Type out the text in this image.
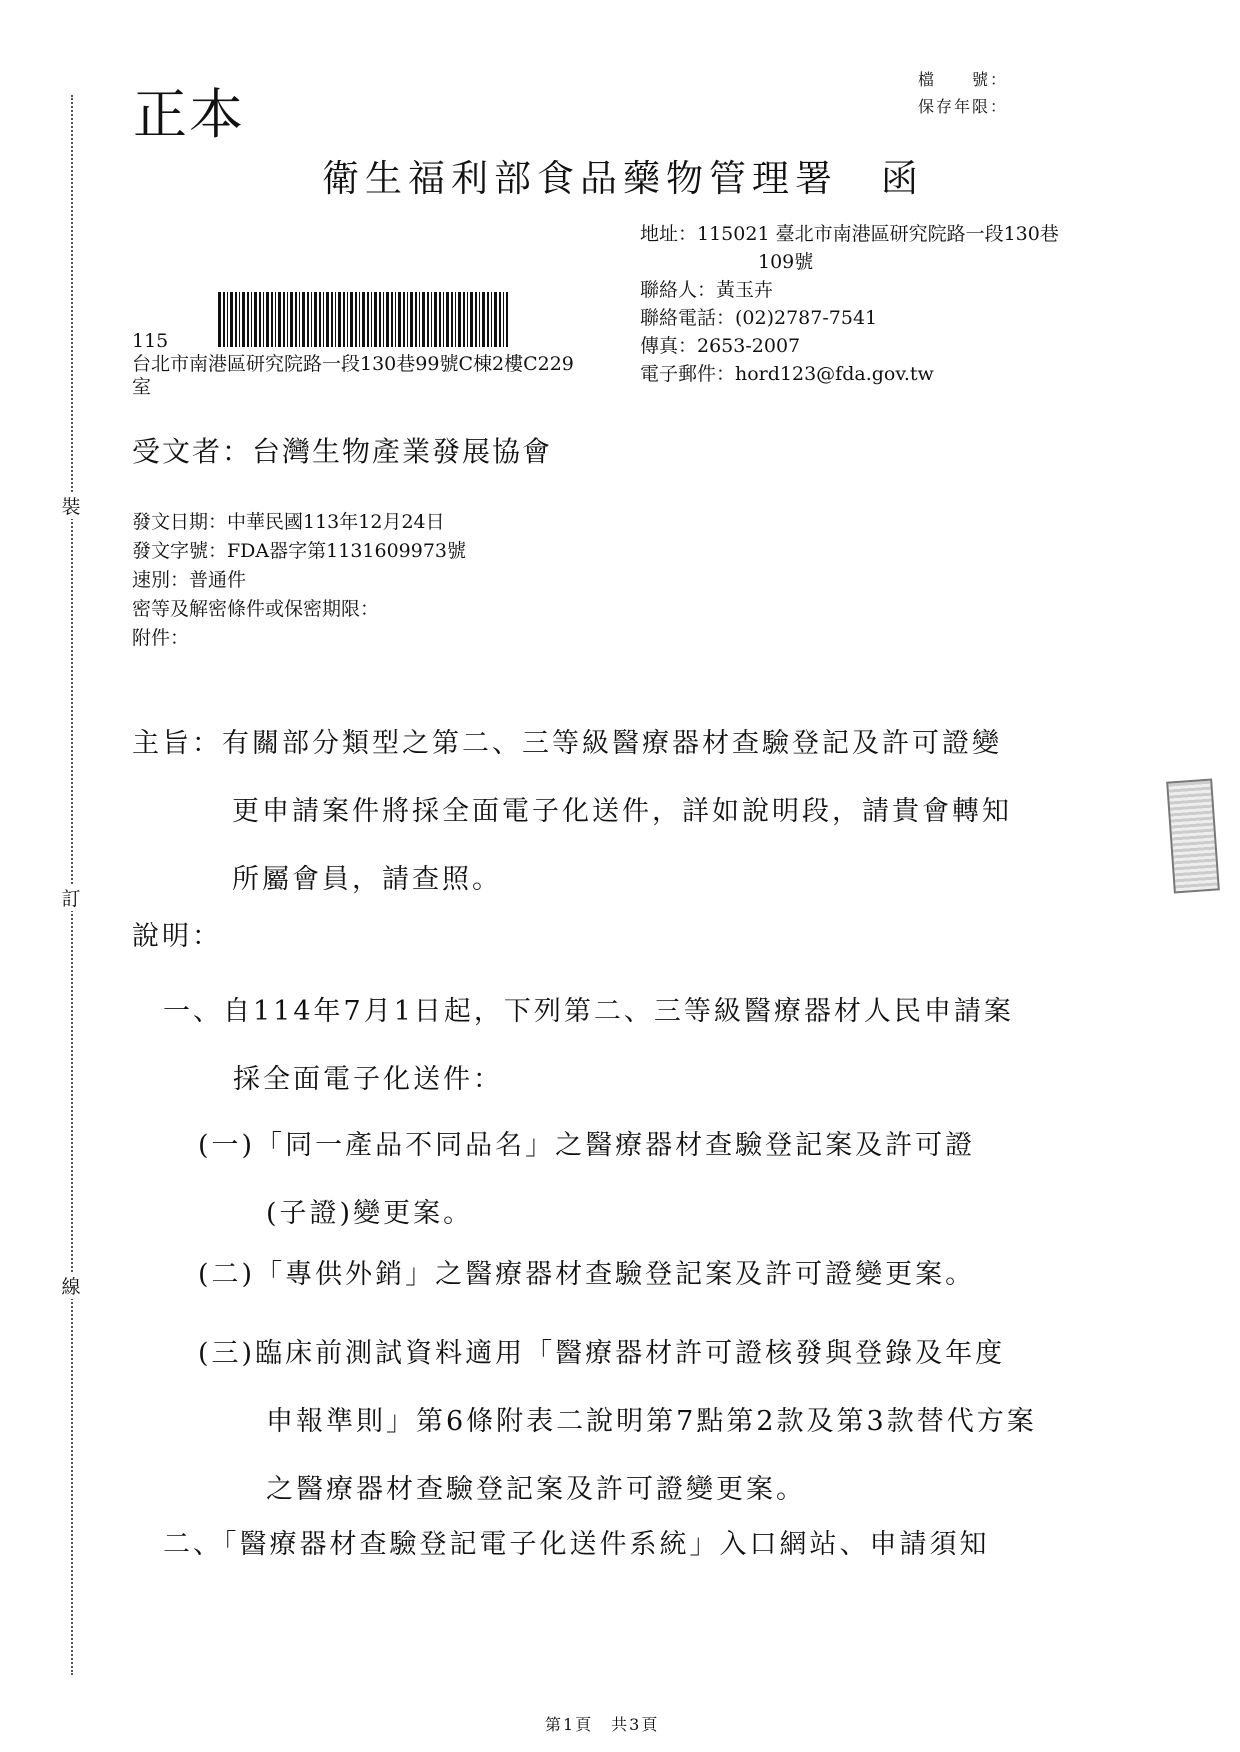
裝
訂
線
正本
檔　　號：
保存年限：
衛生福利部食品藥物管理署　函
地址：115021 臺北市南港區研究院路一段130巷
109號
聯絡人：黃玉卉
聯絡電話：(02)2787-7541
傳真：2653-2007
電子郵件：hord123@fda.gov.tw
115
台北市南港區研究院路一段130巷99號C棟2樓C229
室
受文者：台灣生物產業發展協會
發文日期：中華民國113年12月24日
發文字號：FDA器字第1131609973號
速別：普通件
密等及解密條件或保密期限：
附件：
主旨：有關部分類型之第二、三等級醫療器材查驗登記及許可證變
更申請案件將採全面電子化送件，詳如說明段，請貴會轉知
所屬會員，請查照。
說明：
一、自114年7月1日起，下列第二、三等級醫療器材人民申請案
採全面電子化送件：
(一)「同一產品不同品名」之醫療器材查驗登記案及許可證
(子證)變更案。
(二)「專供外銷」之醫療器材查驗登記案及許可證變更案。
(三)臨床前測試資料適用「醫療器材許可證核發與登錄及年度
申報準則」第6條附表二說明第7點第2款及第3款替代方案
之醫療器材查驗登記案及許可證變更案。
二、「醫療器材查驗登記電子化送件系統」入口網站、申請須知
第1頁　共3頁
